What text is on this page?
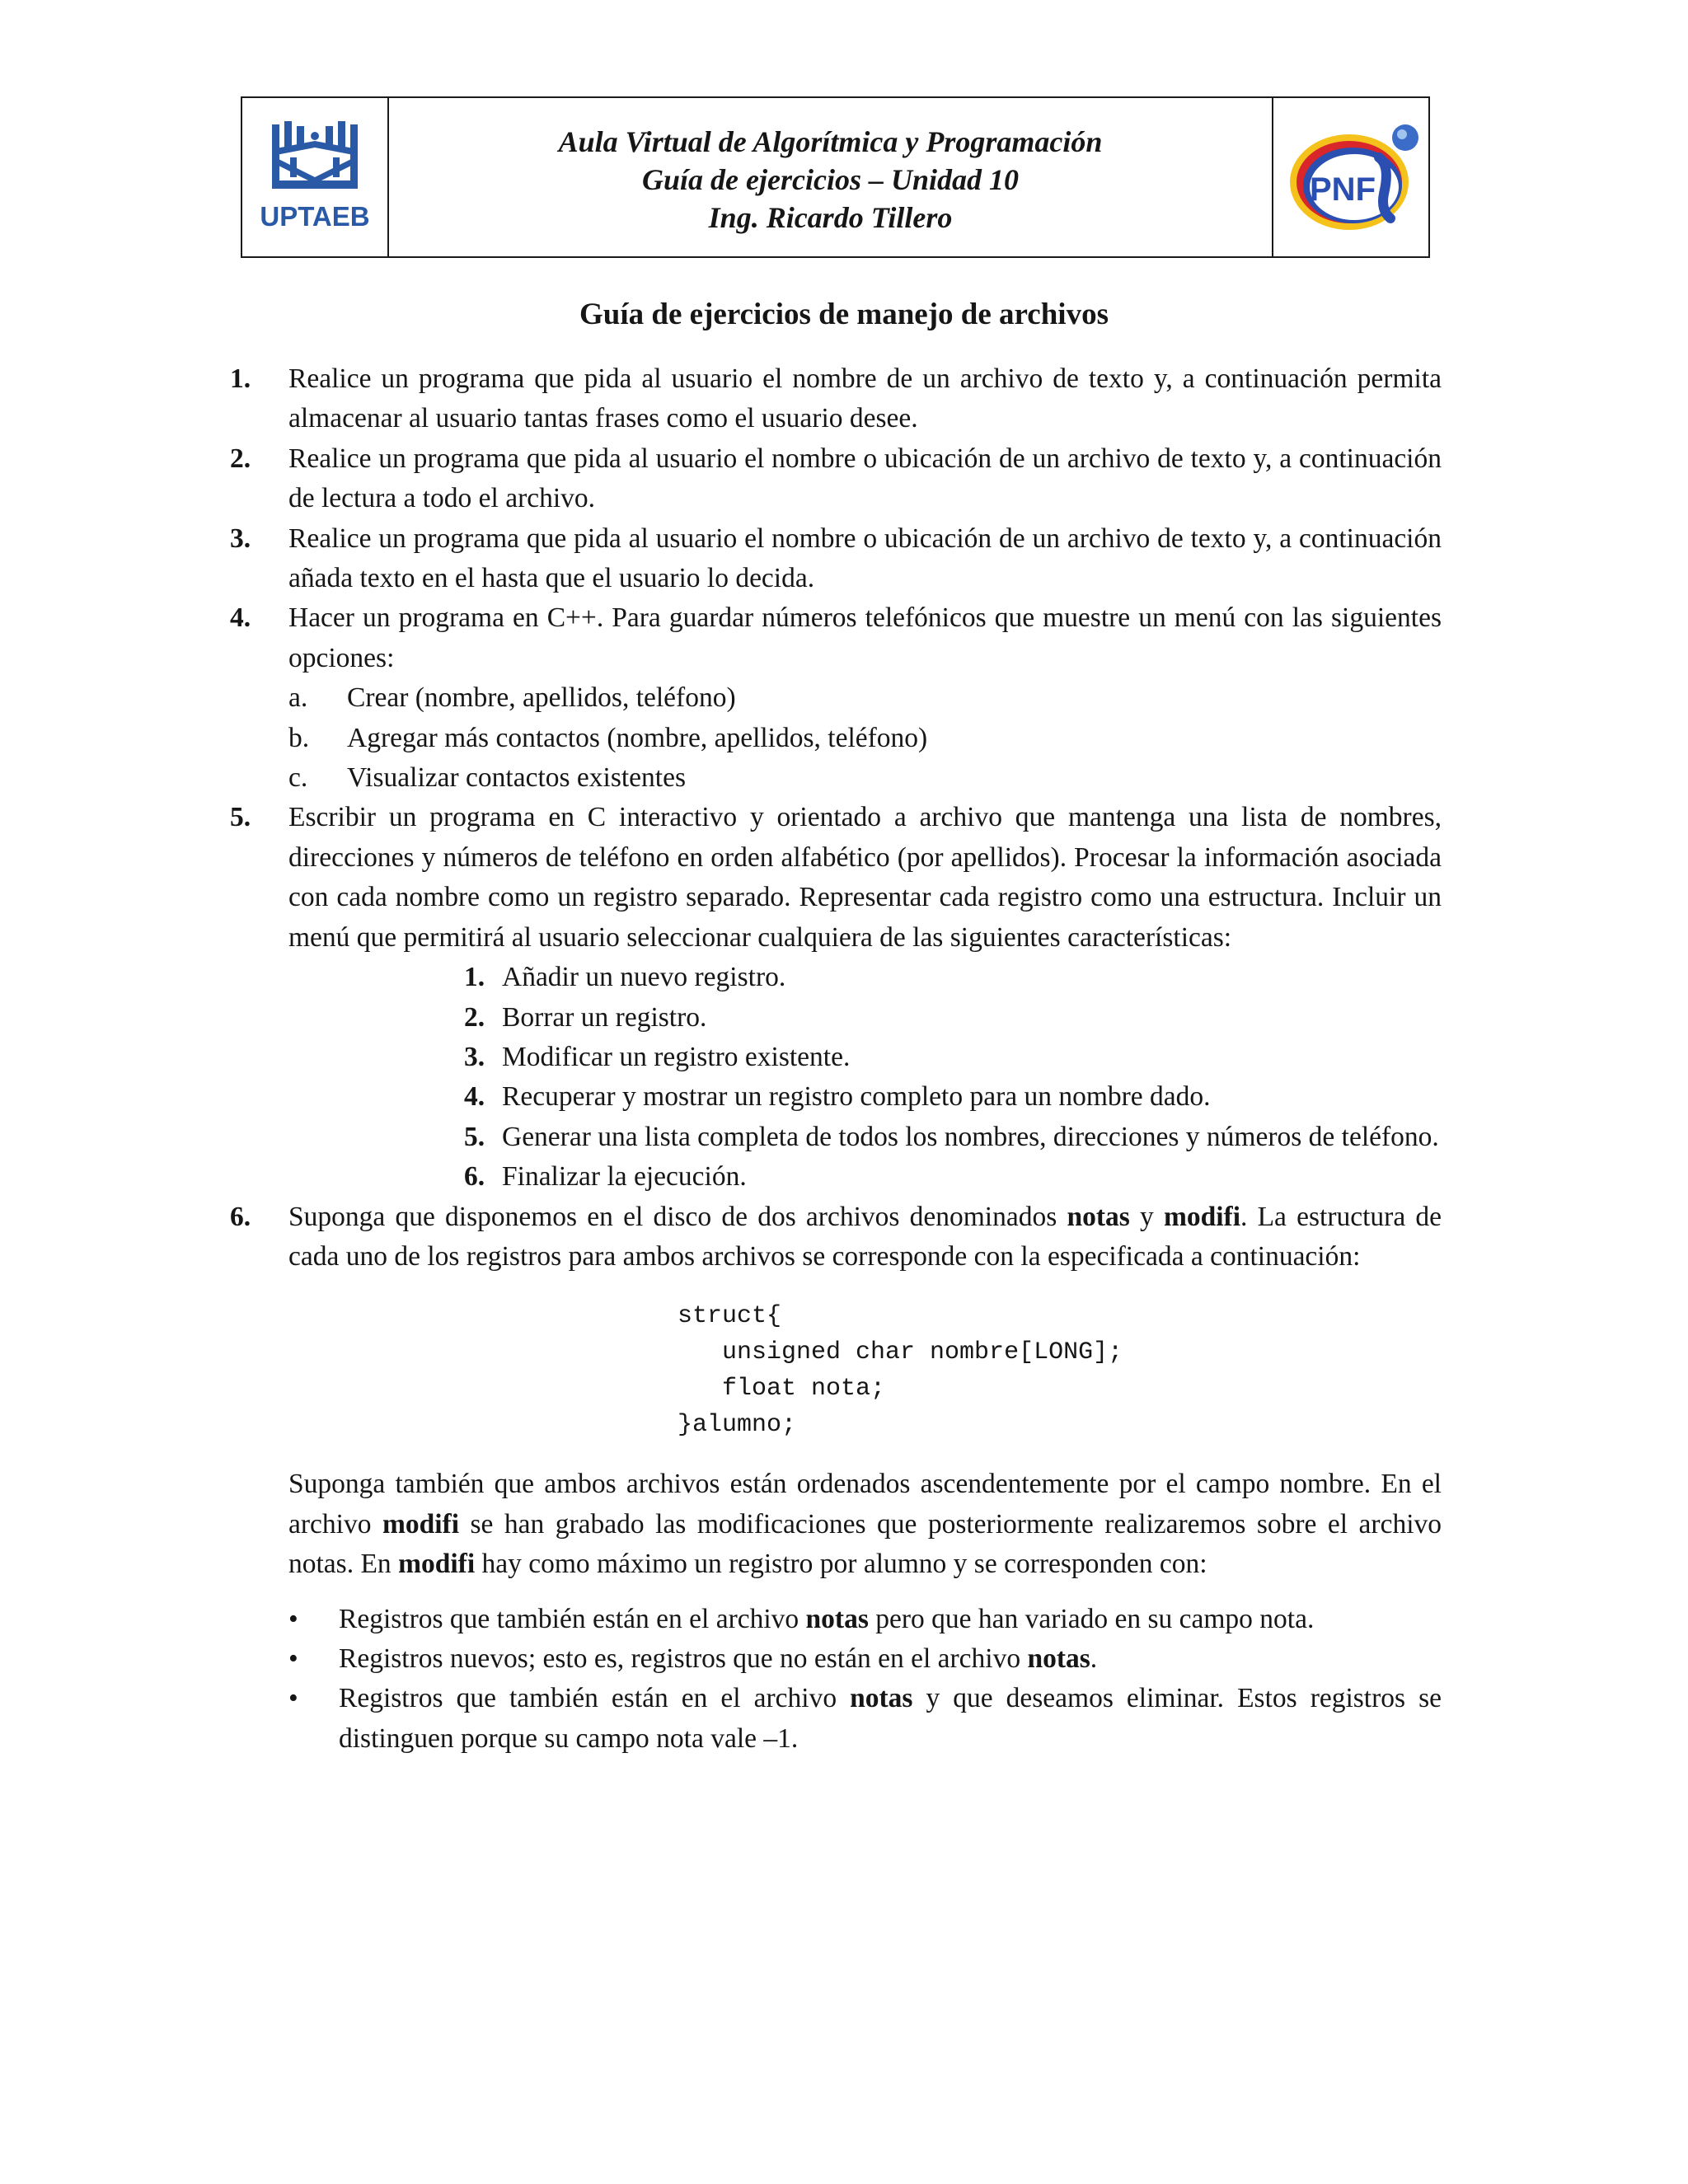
UPTAEB
Aula Virtual de Algorítmica y Programación
Guía de ejercicios – Unidad 10
Ing. Ricardo Tillero
PNF
Guía de ejercicios de manejo de archivos
1.	Realice un programa que pida al usuario el nombre de un archivo de texto y, a continuación permita almacenar al usuario tantas frases como el usuario desee.
2.	Realice un programa que pida al usuario el nombre o ubicación de un archivo de texto y, a continuación de lectura a todo el archivo.
3.	Realice un programa que pida al usuario el nombre o ubicación de un archivo de texto y, a continuación añada texto en el hasta que el usuario lo decida.
4.	Hacer un programa en C++. Para guardar números telefónicos que muestre un menú con las siguientes opciones:
a.	Crear (nombre, apellidos, teléfono)
b.	Agregar más contactos (nombre, apellidos, teléfono)
c.	Visualizar contactos existentes
5.	Escribir un programa en C interactivo y orientado a archivo que mantenga una lista de nombres, direcciones y números de teléfono en orden alfabético (por apellidos). Procesar la información asociada con cada nombre como un registro separado. Representar cada registro como una estructura. Incluir un menú que permitirá al usuario seleccionar cualquiera de las siguientes características:
1. Añadir un nuevo registro.
2. Borrar un registro.
3. Modificar un registro existente.
4. Recuperar y mostrar un registro completo para un nombre dado.
5. Generar una lista completa de todos los nombres, direcciones y números de teléfono.
6. Finalizar la ejecución.
6.	Suponga que disponemos en el disco de dos archivos denominados notas y modifi. La estructura de cada uno de los registros para ambos archivos se corresponde con la especificada a continuación:
struct{
unsigned char nombre[LONG];
float nota;
}alumno;
Suponga también que ambos archivos están ordenados ascendentemente por el campo nombre. En el archivo modifi se han grabado las modificaciones que posteriormente realizaremos sobre el archivo notas. En modifi hay como máximo un registro por alumno y se corresponden con:
•	Registros que también están en el archivo notas pero que han variado en su campo nota.
•	Registros nuevos; esto es, registros que no están en el archivo notas.
•	Registros que también están en el archivo notas y que deseamos eliminar. Estos registros se distinguen porque su campo nota vale –1.
